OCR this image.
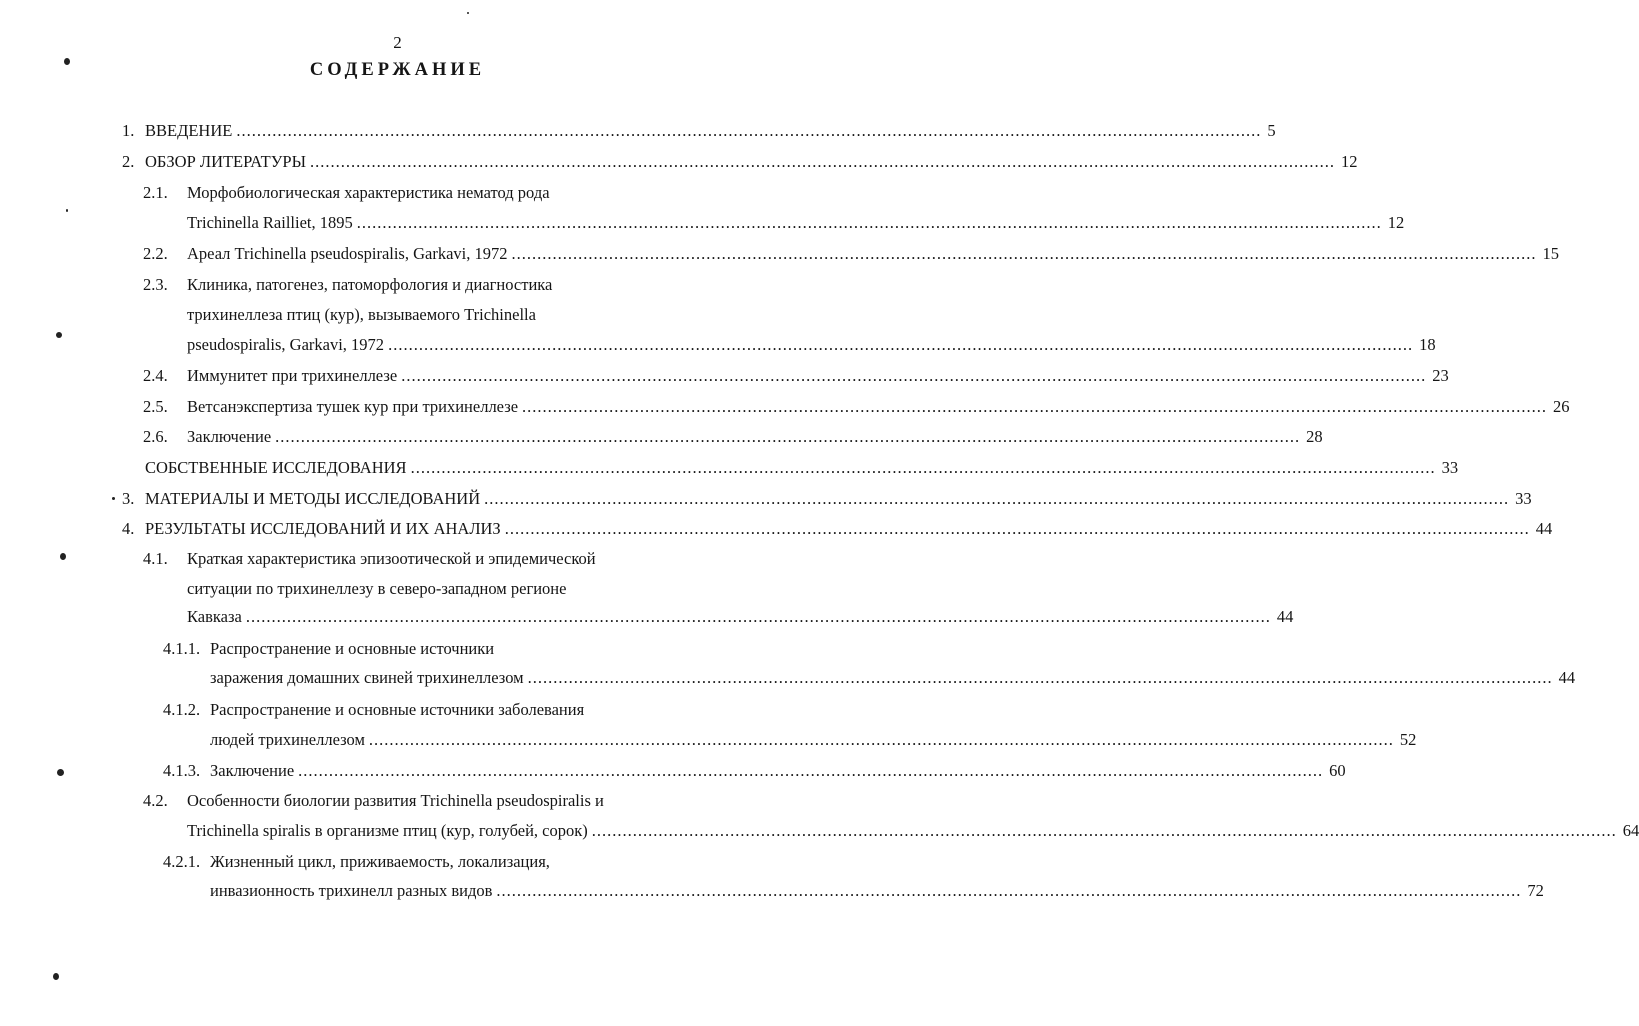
2
СОДЕРЖАНИЕ
1. ВВЕДЕНИЕ ........................................................................................................................................................................................................ 5
2. ОБЗОР ЛИТЕРАТУРЫ ........................................................................................................................................................................................................ 12
2.1. Морфобиологическая характеристика нематод рода
Trichinella Railliet, 1895 ........................................................................................................................................................................................................ 12
2.2. Ареал Trichinella pseudospiralis, Garkavi, 1972 ........................................................................................................................................................................................................ 15
2.3. Клиника, патогенез, патоморфология и диагностика
трихинеллеза птиц (кур), вызываемого Trichinella
pseudospiralis, Garkavi, 1972 ........................................................................................................................................................................................................ 18
2.4. Иммунитет при трихинеллезе ........................................................................................................................................................................................................ 23
2.5. Ветсанэкспертиза тушек кур при трихинеллезе ........................................................................................................................................................................................................ 26
2.6. Заключение ........................................................................................................................................................................................................ 28
СОБСТВЕННЫЕ ИССЛЕДОВАНИЯ ........................................................................................................................................................................................................ 33
3. МАТЕРИАЛЫ И МЕТОДЫ ИССЛЕДОВАНИЙ ........................................................................................................................................................................................................ 33
4. РЕЗУЛЬТАТЫ ИССЛЕДОВАНИЙ И ИХ АНАЛИЗ ........................................................................................................................................................................................................ 44
4.1. Краткая характеристика эпизоотической и эпидемической
ситуации по трихинеллезу в северо-западном регионе
Кавказа ........................................................................................................................................................................................................ 44
4.1.1. Распространение и основные источники
заражения домашних свиней трихинеллезом ........................................................................................................................................................................................................ 44
4.1.2. Распространение и основные источники заболевания
людей трихинеллезом ........................................................................................................................................................................................................ 52
4.1.3. Заключение ........................................................................................................................................................................................................ 60
4.2. Особенности биологии развития Trichinella pseudospiralis и
Trichinella spiralis в организме птиц (кур, голубей, сорок) ........................................................................................................................................................................................................ 64
4.2.1. Жизненный цикл, приживаемость, локализация,
инвазионность трихинелл разных видов ........................................................................................................................................................................................................ 72
